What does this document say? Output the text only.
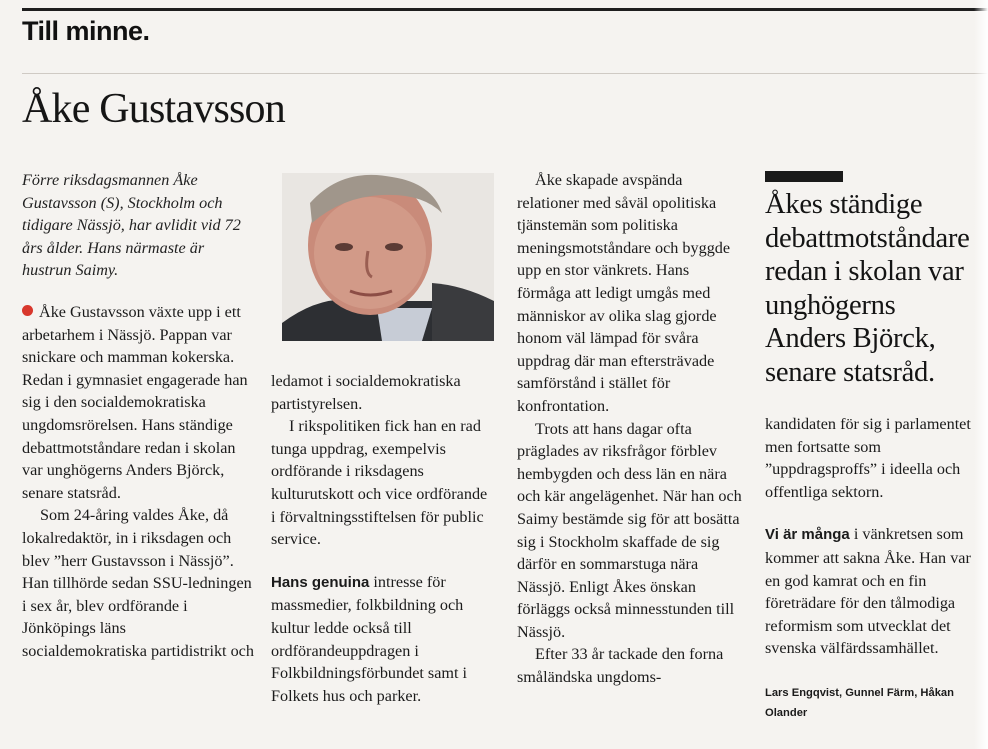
Till minne.
Åke Gustavsson
Förre riksdagsmannen Åke Gustavsson (S), Stockholm och tidigare Nässjö, har avlidit vid 72 års ålder. Hans närmaste är hustrun Saimy.

Åke Gustavsson växte upp i ett arbetarhem i Nässjö. Pappan var snickare och mamman kokerska. Redan i gymnasiet engagerade han sig i den socialdemokratiska ungdomsrörelsen. Hans ständige debattmotståndare redan i skolan var unghögerns Anders Björck, senare statsråd.

Som 24-åring valdes Åke, då lokalredaktör, in i riksdagen och blev ”herr Gustavsson i Nässjö”. Han tillhörde sedan SSU-ledningen i sex år, blev ordförande i Jönköpings läns socialdemokratiska partidistrikt och

ledamot i socialdemokratiska partistyrelsen.

I rikspolitiken fick han en rad tunga uppdrag, exempelvis ordförande i riksdagens kulturutskott och vice ordförande i förvaltningsstiftelsen för public service.

Hans genuina intresse för massmedier, folkbildning och kultur ledde också till ordförandeuppdragen i Folkbildningsförbundet samt i Folkets hus och parker.

Åke skapade avspända relationer med såväl opolitiska tjänstemän som politiska meningsmotståndare och byggde upp en stor vänkrets. Hans förmåga att ledigt umgås med människor av olika slag gjorde honom väl lämpad för svåra uppdrag där man eftersträvade samförstånd i stället för konfrontation.

Trots att hans dagar ofta präglades av riksfrågor förblev hembygden och dess län en nära och kär angelägenhet. När han och Saimy bestämde sig för att bosätta sig i Stockholm skaffade de sig därför en sommarstuga nära Nässjö. Enligt Åkes önskan förläggs också minnesstunden till Nässjö.

Efter 33 år tackade den forna småländska ungdoms-

Åkes ständige debattmotståndare redan i skolan var unghögerns Anders Björck, senare statsråd.

kandidaten för sig i parlamentet men fortsatte som ”uppdragsproffs” i ideella och offentliga sektorn.

Vi är många i vänkretsen som kommer att sakna Åke. Han var en god kamrat och en fin företrädare för den tålmodiga reformism som utvecklat det svenska välfärdssamhället.

Lars Engqvist, Gunnel Färm, Håkan Olander
